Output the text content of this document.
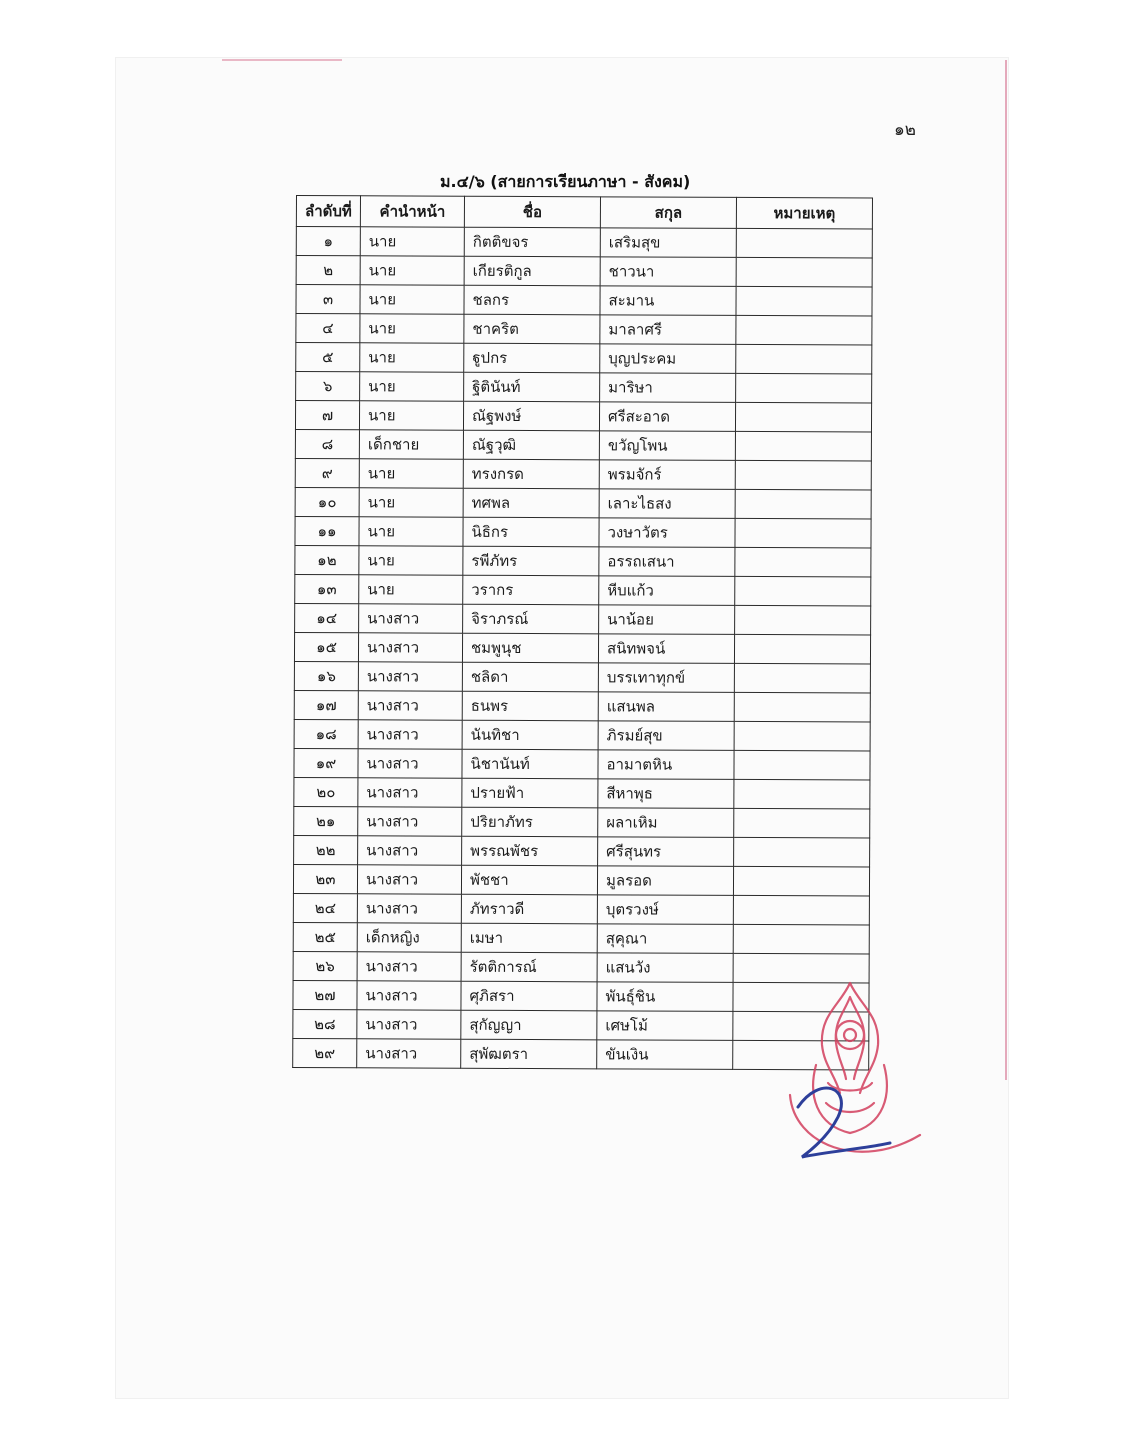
๑๒
ม.๔/๖ (สายการเรียนภาษา - สังคม)
ลำดับที่	คำนำหน้า	ชื่อ	สกุล	หมายเหตุ
๑	นาย	กิตติขจร	เสริมสุข	
๒	นาย	เกียรติกูล	ชาวนา	
๓	นาย	ชลกร	สะมาน	
๔	นาย	ชาคริต	มาลาศรี	
๕	นาย	ฐูปกร	บุญประคม	
๖	นาย	ฐิตินันท์	มาริษา	
๗	นาย	ณัฐพงษ์	ศรีสะอาด	
๘	เด็กชาย	ณัฐวุฒิ	ขวัญโพน	
๙	นาย	ทรงกรด	พรมจักร์	
๑๐	นาย	ทศพล	เลาะไธสง	
๑๑	นาย	นิธิกร	วงษาวัตร	
๑๒	นาย	รพีภัทร	อรรถเสนา	
๑๓	นาย	วรากร	หีบแก้ว	
๑๔	นางสาว	จิราภรณ์	นาน้อย	
๑๕	นางสาว	ชมพูนุช	สนิทพจน์	
๑๖	นางสาว	ชลิดา	บรรเทาทุกข์	
๑๗	นางสาว	ธนพร	แสนพล	
๑๘	นางสาว	นันทิชา	ภิรมย์สุข	
๑๙	นางสาว	นิชานันท์	อามาตหิน	
๒๐	นางสาว	ปรายฟ้า	สีหาพุธ	
๒๑	นางสาว	ปริยาภัทร	ผลาเหิม	
๒๒	นางสาว	พรรณพัชร	ศรีสุนทร	
๒๓	นางสาว	พัชชา	มูลรอด	
๒๔	นางสาว	ภัทราวดี	บุตรวงษ์	
๒๕	เด็กหญิง	เมษา	สุคุณา	
๒๖	นางสาว	รัตติการณ์	แสนวัง	
๒๗	นางสาว	ศุภิสรา	พันธุ์ชิน	
๒๘	นางสาว	สุกัญญา	เศษโม้	
๒๙	นางสาว	สุพัฒตรา	ขันเงิน	
